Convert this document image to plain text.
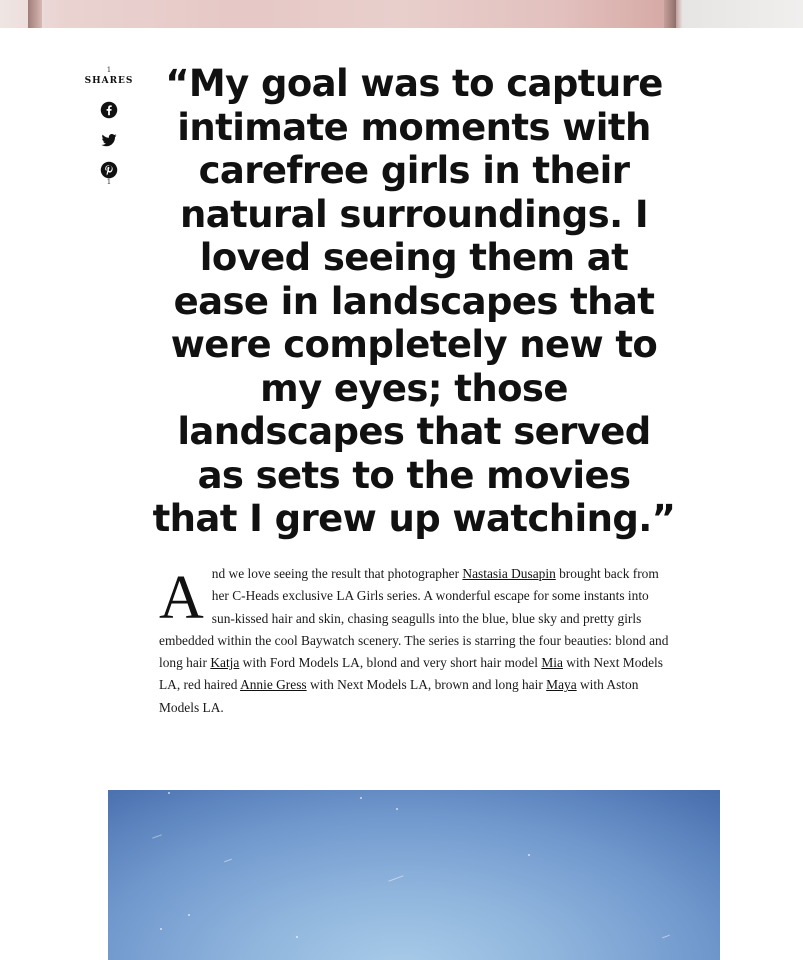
1
SHARES
1
“My goal was to capture intimate moments with carefree girls in their natural surroundings. I loved seeing them at ease in landscapes that were completely new to my eyes; those landscapes that served as sets to the movies that I grew up watching.”

And we love seeing the result that photographer Nastasia Dusapin brought back from her C-Heads exclusive LA Girls series. A wonderful escape for some instants into sun-kissed hair and skin, chasing seagulls into the blue, blue sky and pretty girls embedded within the cool Baywatch scenery. The series is starring the four beauties: blond and long hair Katja with Ford Models LA, blond and very short hair model Mia with Next Models LA, red haired Annie Gress with Next Models LA, brown and long hair Maya with Aston Models LA.
